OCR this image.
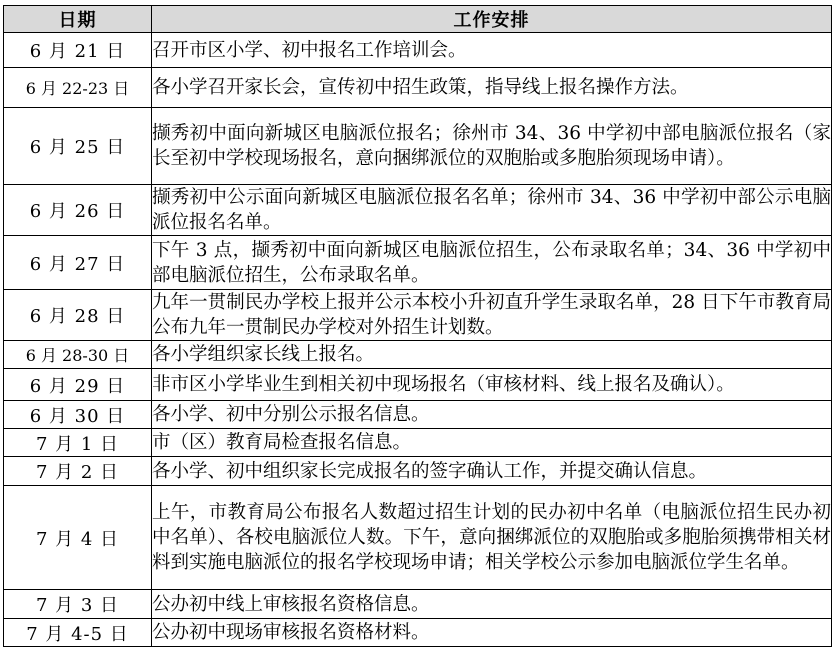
日期	工作安排
6 月 21 日	召开市区小学、初中报名工作培训会。
6 月 22-23 日	各小学召开家长会，宣传初中招生政策，指导线上报名操作方法。
6 月 25 日	撷秀初中面向新城区电脑派位报名；徐州市 34、36 中学初中部电脑派位报名（家长至初中学校现场报名，意向捆绑派位的双胞胎或多胞胎须现场申请）。
6 月 26 日	撷秀初中公示面向新城区电脑派位报名名单；徐州市 34、36 中学初中部公示电脑派位报名名单。
6 月 27 日	下午 3 点，撷秀初中面向新城区电脑派位招生，公布录取名单；34、36 中学初中部电脑派位招生，公布录取名单。
6 月 28 日	九年一贯制民办学校上报并公示本校小升初直升学生录取名单，28 日下午市教育局公布九年一贯制民办学校对外招生计划数。
6 月 28-30 日	各小学组织家长线上报名。
6 月 29 日	非市区小学毕业生到相关初中现场报名（审核材料、线上报名及确认）。
6 月 30 日	各小学、初中分别公示报名信息。
7 月 1 日	市（区）教育局检查报名信息。
7 月 2 日	各小学、初中组织家长完成报名的签字确认工作，并提交确认信息。
7 月 4 日	上午，市教育局公布报名人数超过招生计划的民办初中名单（电脑派位招生民办初中名单）、各校电脑派位人数。下午，意向捆绑派位的双胞胎或多胞胎须携带相关材料到实施电脑派位的报名学校现场申请；相关学校公示参加电脑派位学生名单。
7 月 3 日	公办初中线上审核报名资格信息。
7 月 4-5 日	公办初中现场审核报名资格材料。
